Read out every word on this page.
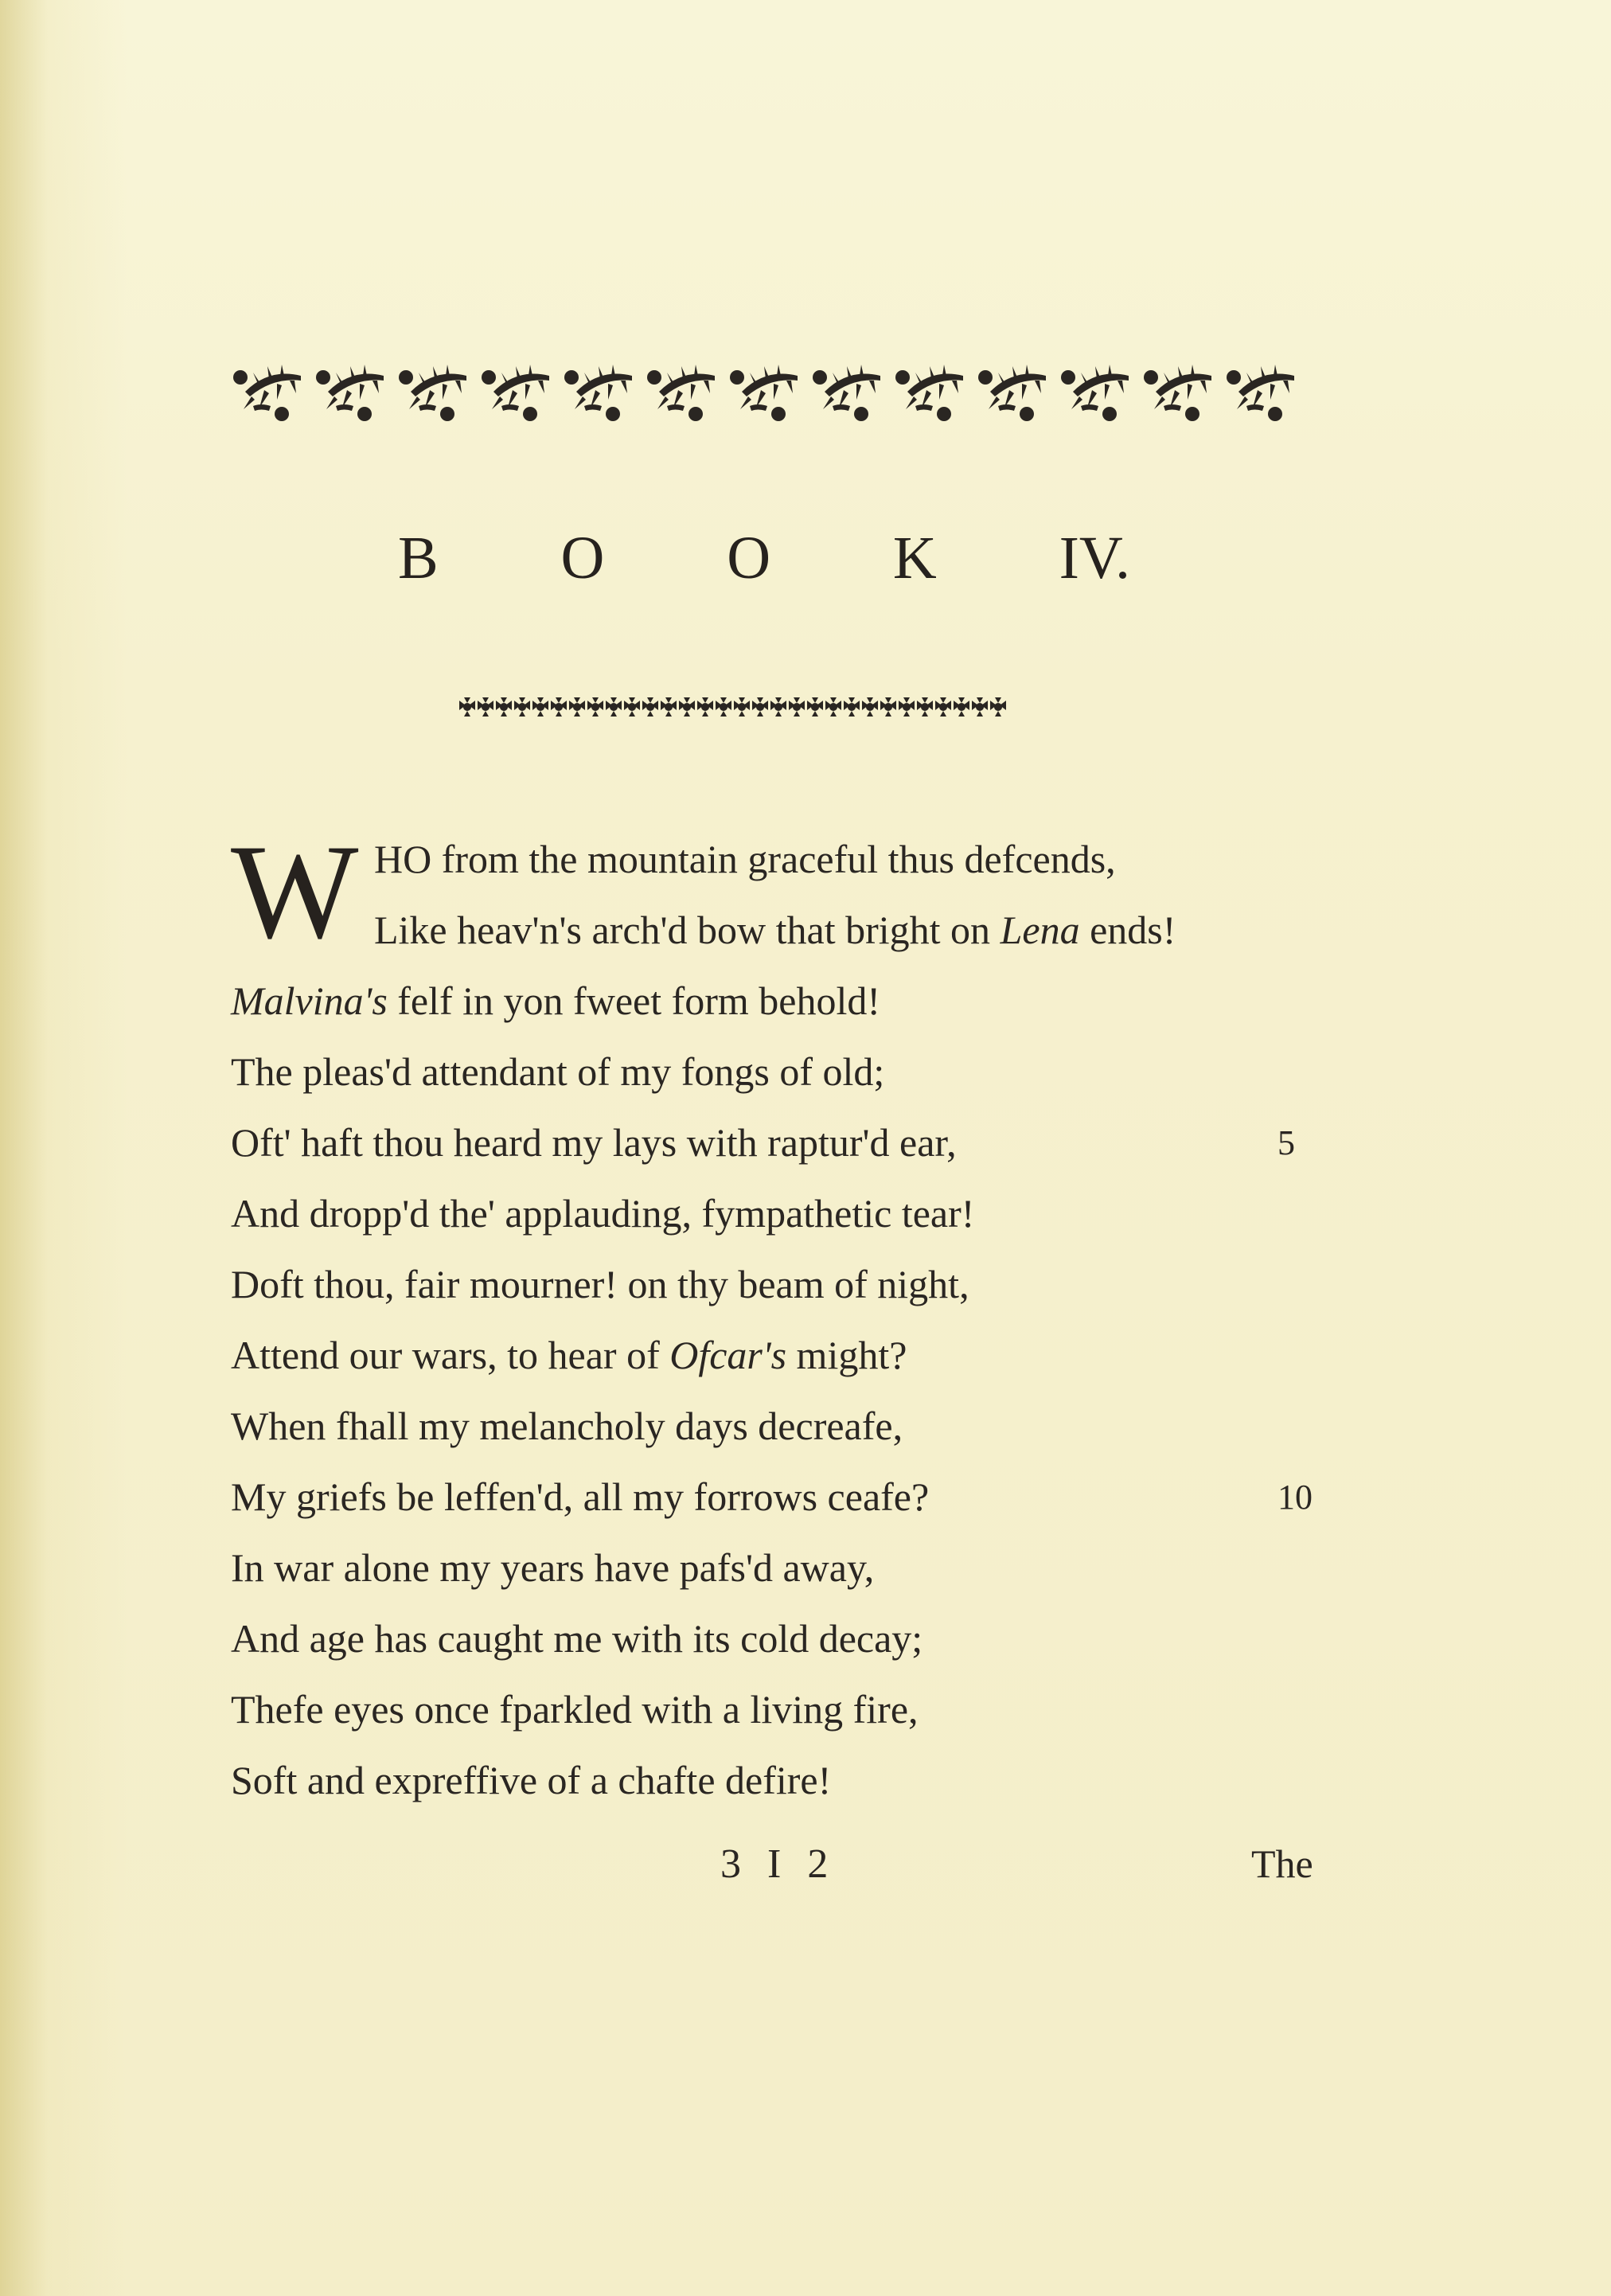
B O O K IV.
W HO from the mountain graceful thus defcends,
Like heav'n's arch'd bow that bright on Lena ends!
Malvina's felf in yon fweet form behold!
The pleas'd attendant of my fongs of old;
Oft' haft thou heard my lays with raptur'd ear,	5
And dropp'd the' applauding, fympathetic tear!
Doft thou, fair mourner! on thy beam of night,
Attend our wars, to hear of Ofcar's might?
When fhall my melancholy days decreafe,
My griefs be leffen'd, all my forrows ceafe?	10
In war alone my years have pafs'd away,
And age has caught me with its cold decay;
Thefe eyes once fparkled with a living fire,
Soft and expreffive of a chafte defire!
3 I 2	The
